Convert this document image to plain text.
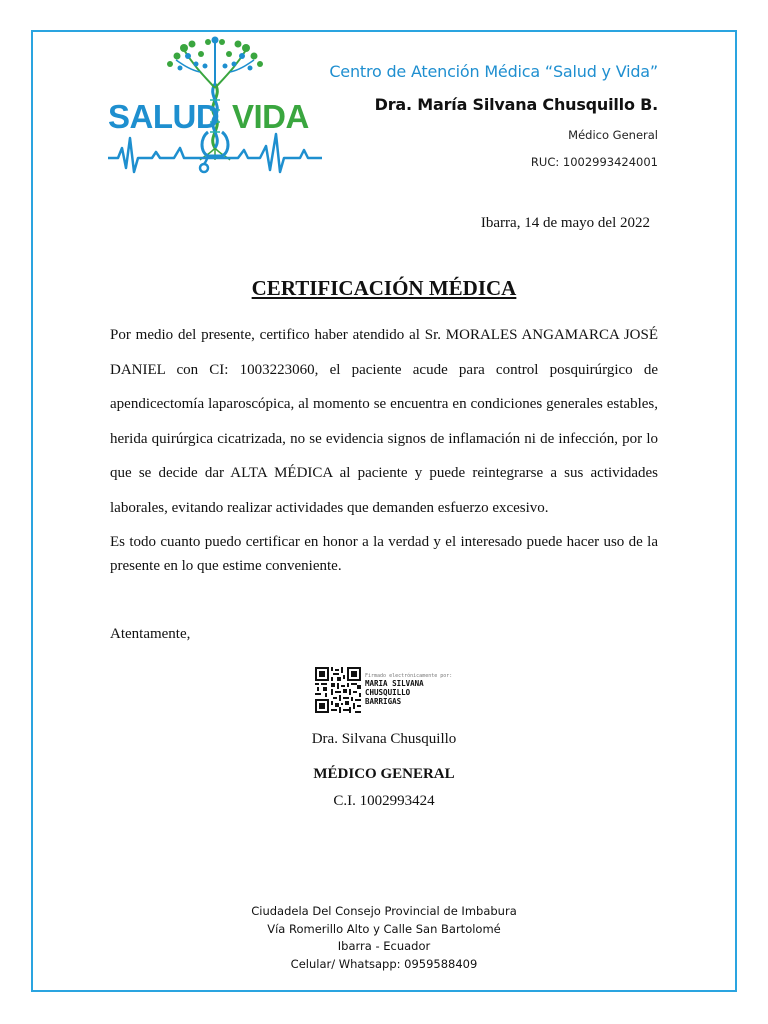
SALUD VIDA
Centro de Atención Médica “Salud y Vida”
Dra. María Silvana Chusquillo B.
Médico General
RUC: 1002993424001
Ibarra, 14 de mayo del 2022
CERTIFICACIÓN MÉDICA

Por medio del presente, certifico haber atendido al Sr. MORALES ANGAMARCA JOSÉ DANIEL con CI: 1003223060, el paciente acude para control posquirúrgico de apendicectomía laparoscópica, al momento se encuentra en condiciones generales estables, herida quirúrgica cicatrizada, no se evidencia signos de inflamación ni de infección, por lo que se decide dar ALTA MÉDICA al paciente y puede reintegrarse a sus actividades laborales, evitando realizar actividades que demanden esfuerzo excesivo.

Es todo cuanto puedo certificar en honor a la verdad y el interesado puede hacer uso de la presente en lo que estime conveniente.

Atentamente,
Firmado electrónicamente por:
MARIA SILVANA
CHUSQUILLO
BARRIGAS
Dra. Silvana Chusquillo
MÉDICO GENERAL
C.I. 1002993424
Ciudadela Del Consejo Provincial de Imbabura
Vía Romerillo Alto y Calle San Bartolomé
Ibarra - Ecuador
Celular/ Whatsapp: 0959588409
